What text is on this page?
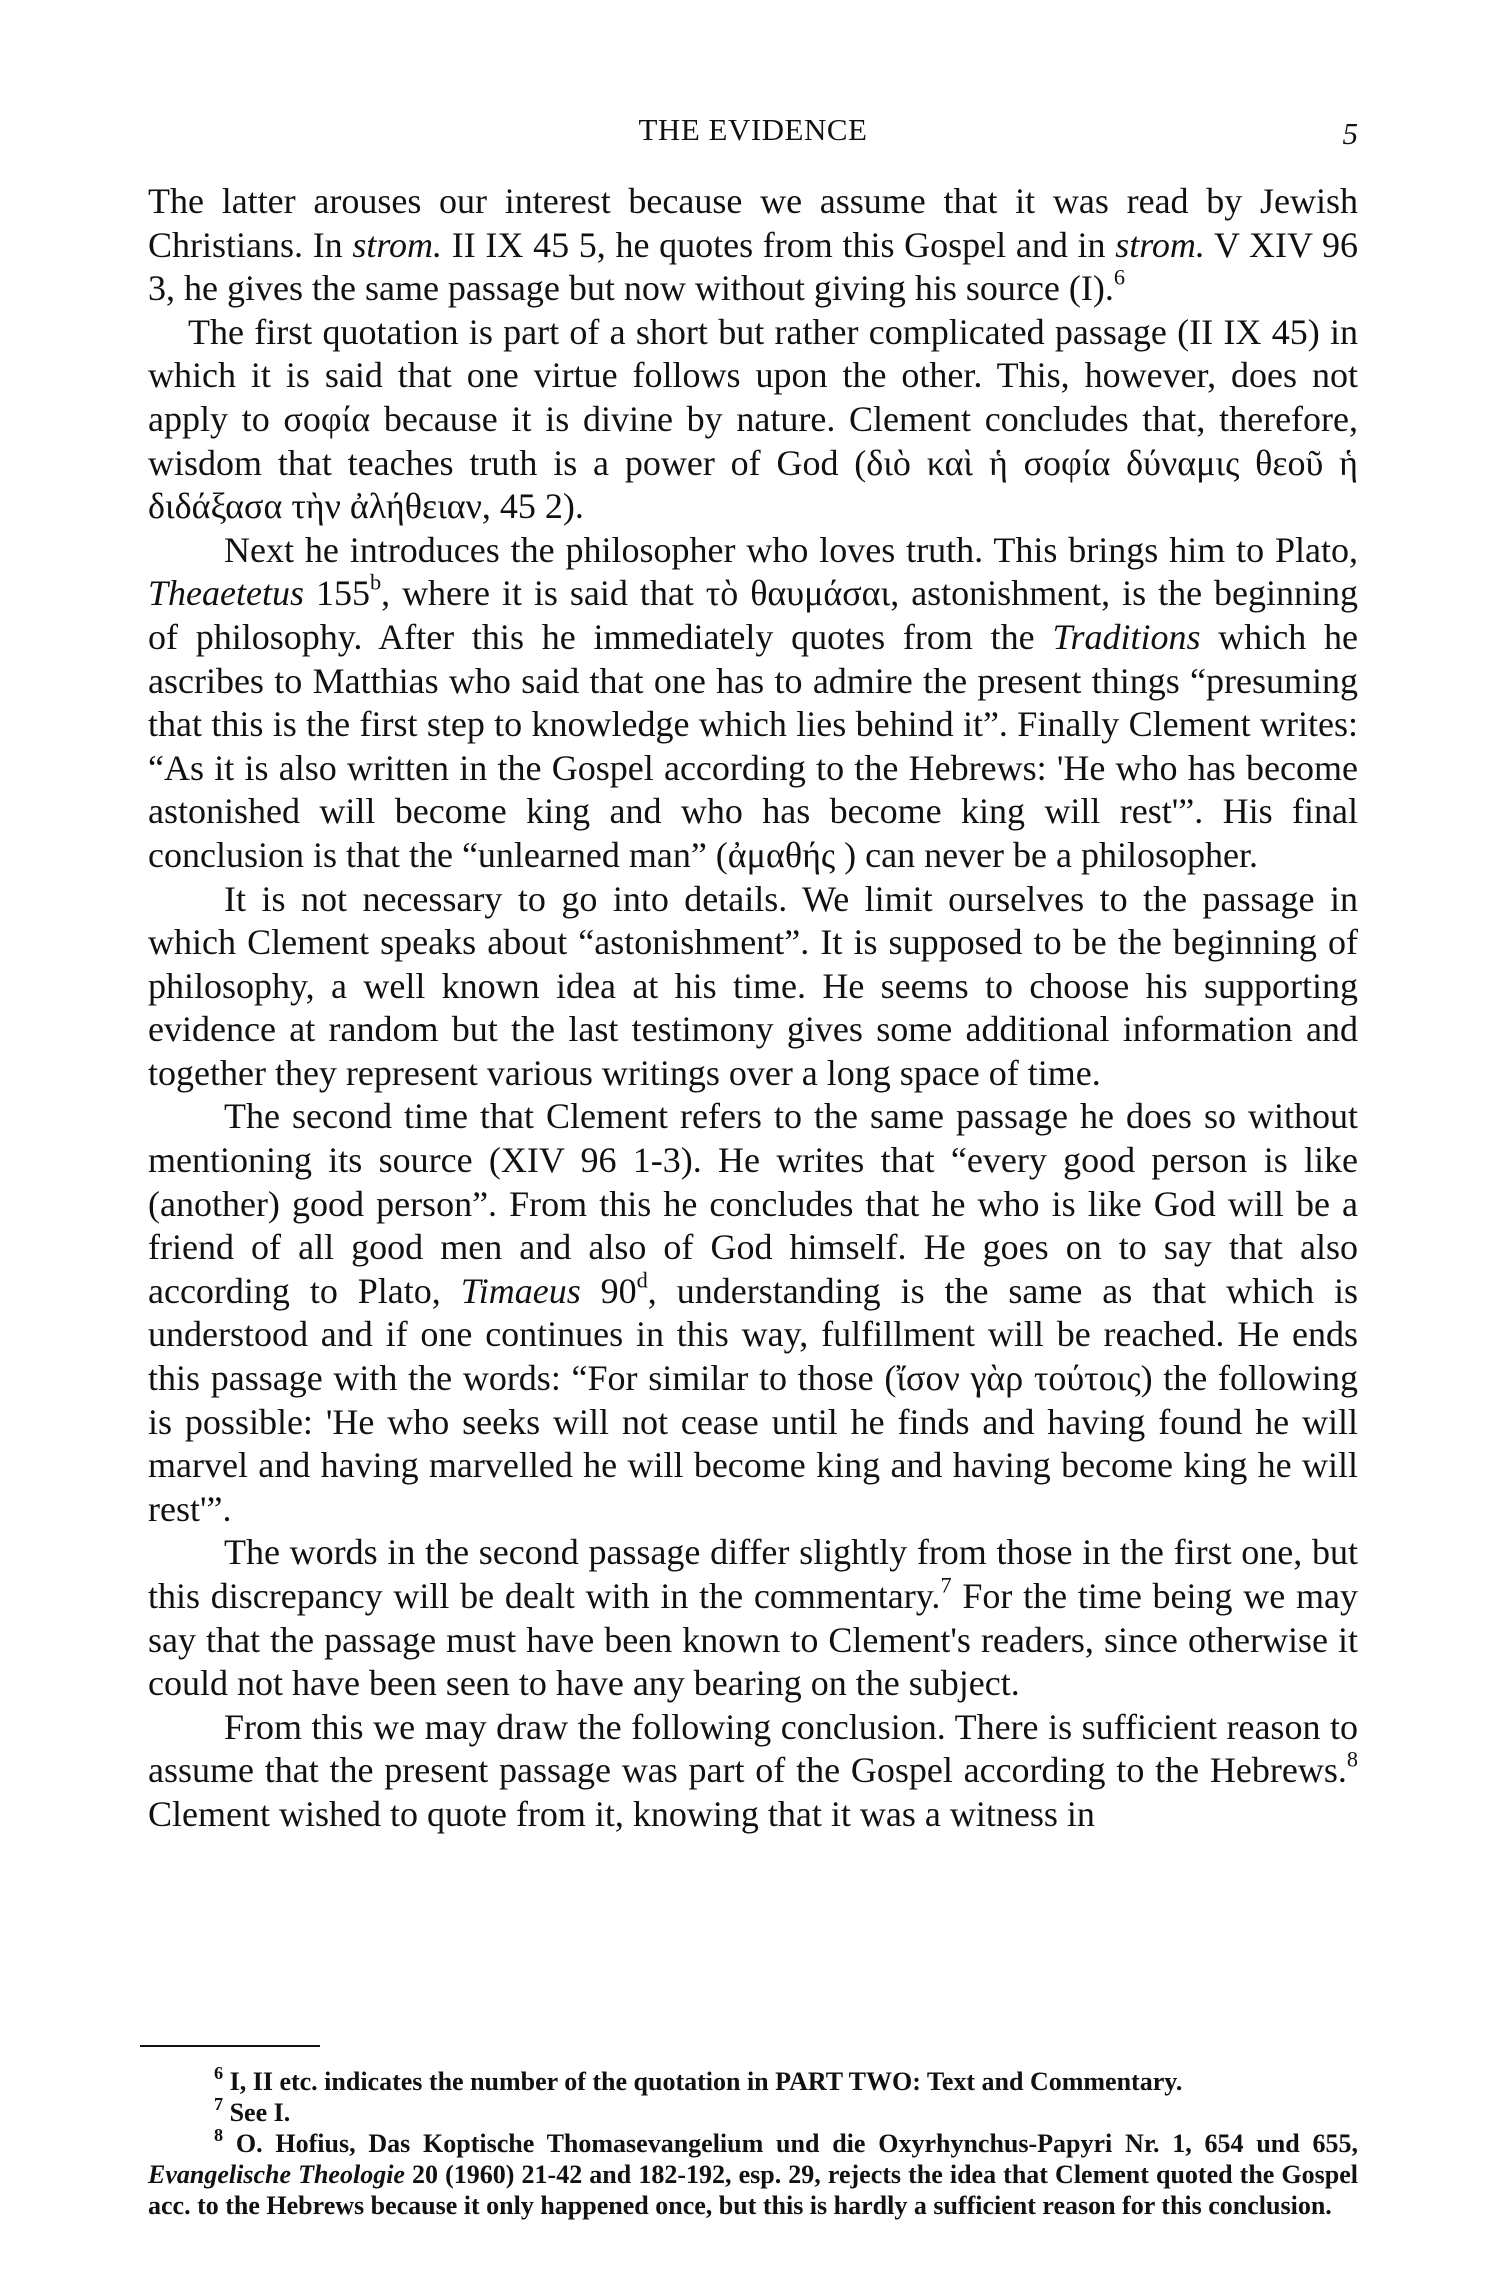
THE EVIDENCE	5

The latter arouses our interest because we assume that it was read by Jewish Christians. In strom. II IX 45 5, he quotes from this Gospel and in strom. V XIV 96 3, he gives the same passage but now without giving his source (I).$^6$

The first quotation is part of a short but rather complicated passage (II IX 45) in which it is said that one virtue follows upon the other. This, however, does not apply to σοφία because it is divine by nature. Clement concludes that, therefore, wisdom that teaches truth is a power of God (διὸ καὶ ἡ σοφία δύναμις θεοῦ ἡ διδάξασα τὴν ἀλήθειαν, 45 2).

Next he introduces the philosopher who loves truth. This brings him to Plato, Theaetetus 155$^b$, where it is said that τὸ θαυμάσαι, astonishment, is the beginning of philosophy. After this he immediately quotes from the Traditions which he ascribes to Matthias who said that one has to admire the present things “presuming that this is the first step to knowledge which lies behind it”. Finally Clement writes: “As it is also written in the Gospel according to the Hebrews: 'He who has become astonished will become king and who has become king will rest'”. His final conclusion is that the “unlearned man” (ἀμαθής ) can never be a philosopher.

It is not necessary to go into details. We limit ourselves to the passage in which Clement speaks about “astonishment”. It is supposed to be the beginning of philosophy, a well known idea at his time. He seems to choose his supporting evidence at random but the last testimony gives some additional information and together they represent various writings over a long space of time.

The second time that Clement refers to the same passage he does so without mentioning its source (XIV 96 1-3). He writes that “every good person is like (another) good person”. From this he concludes that he who is like God will be a friend of all good men and also of God himself. He goes on to say that also according to Plato, Timaeus 90$^d$, understanding is the same as that which is understood and if one continues in this way, fulfillment will be reached. He ends this passage with the words: “For similar to those (ἴσον γὰρ τούτοις) the following is possible: 'He who seeks will not cease until he finds and having found he will marvel and having marvelled he will become king and having become king he will rest'”.

The words in the second passage differ slightly from those in the first one, but this discrepancy will be dealt with in the commentary.$^7$ For the time being we may say that the passage must have been known to Clement's readers, since otherwise it could not have been seen to have any bearing on the subject.

From this we may draw the following conclusion. There is sufficient reason to assume that the present passage was part of the Gospel according to the Hebrews.$^8$ Clement wished to quote from it, knowing that it was a witness in

$^6$ I, II etc. indicates the number of the quotation in PART TWO: Text and Commentary.

$^7$ See I.

$^8$ O. Hofius, Das Koptische Thomasevangelium und die Oxyrhynchus-Papyri Nr. 1, 654 und 655, Evangelische Theologie 20 (1960) 21-42 and 182-192, esp. 29, rejects the idea that Clement quoted the Gospel acc. to the Hebrews because it only happened once, but this is hardly a sufficient reason for this conclusion.
